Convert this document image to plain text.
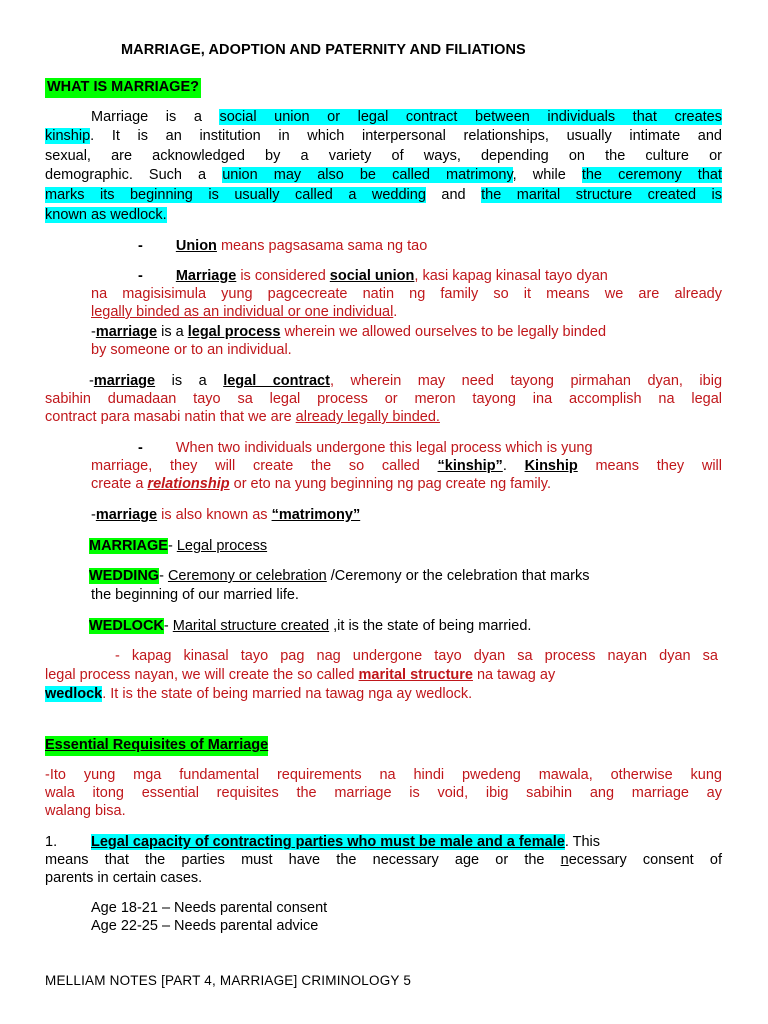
MARRIAGE, ADOPTION AND PATERNITY AND FILIATIONS
WHAT IS MARRIAGE?
Marriage is a social union or legal contract between individuals that creates
kinship. It is an institution in which interpersonal relationships, usually intimate and
sexual, are acknowledged by a variety of ways, depending on the culture or
demographic. Such a union may also be called matrimony, while the ceremony that
marks its beginning is usually called a wedding and the marital structure created is
known as wedlock.
- Union means pagsasama sama ng tao
- Marriage is considered social union, kasi kapag kinasal tayo dyan
na magisisimula yung pagcecreate natin ng family so it means we are already
legally binded as an individual or one individual.
-marriage is a legal process wherein we allowed ourselves to be legally binded
by someone or to an individual.
-marriage is a legal contract, wherein may need tayong pirmahan dyan, ibig
sabihin dumadaan tayo sa legal process or meron tayong ina accomplish na legal
contract para masabi natin that we are already legally binded.
- When two individuals undergone this legal process which is yung
marriage, they will create the so called “kinship”. Kinship means they will
create a relationship or eto na yung beginning ng pag create ng family.
-marriage is also known as “matrimony”
MARRIAGE- Legal process
WEDDING- Ceremony or celebration /Ceremony or the celebration that marks
the beginning of our married life.
WEDLOCK- Marital structure created ,it is the state of being married.
- kapag kinasal tayo pag nag undergone tayo dyan sa process nayan dyan sa
legal process nayan, we will create the so called marital structure na tawag ay
wedlock. It is the state of being married na tawag nga ay wedlock.
Essential Requisites of Marriage
-Ito yung mga fundamental requirements na hindi pwedeng mawala, otherwise kung
wala itong essential requisites the marriage is void, ibig sabihin ang marriage ay
walang bisa.
1. Legal capacity of contracting parties who must be male and a female. This
means that the parties must have the necessary age or the necessary consent of
parents in certain cases.
Age 18-21 – Needs parental consent
Age 22-25 – Needs parental advice
MELLIAM NOTES [PART 4, MARRIAGE] CRIMINOLOGY 5
